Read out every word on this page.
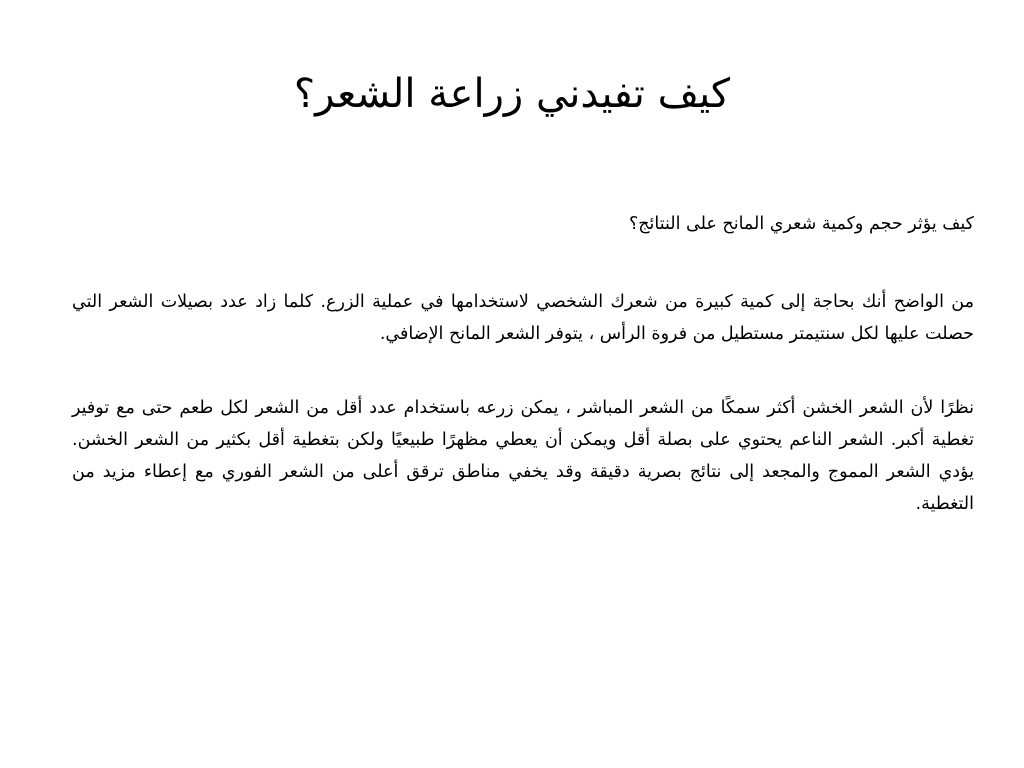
كيف تفيدني زراعة الشعر؟

كيف يؤثر حجم وكمية شعري المانح على النتائج؟

من الواضح أنك بحاجة إلى كمية كبيرة من شعرك الشخصي لاستخدامها في عملية الزرع. كلما زاد عدد بصيلات الشعر التي حصلت عليها لكل سنتيمتر مستطيل من فروة الرأس ، يتوفر الشعر المانح الإضافي.

نظرًا لأن الشعر الخشن أكثر سمكًا من الشعر المباشر ، يمكن زرعه باستخدام عدد أقل من الشعر لكل طعم حتى مع توفير تغطية أكبر. الشعر الناعم يحتوي على بصلة أقل ويمكن أن يعطي مظهرًا طبيعيًا ولكن بتغطية أقل بكثير من الشعر الخشن. يؤدي الشعر المموج والمجعد إلى نتائج بصرية دقيقة وقد يخفي مناطق ترقق أعلى من الشعر الفوري مع إعطاء مزيد من التغطية.
